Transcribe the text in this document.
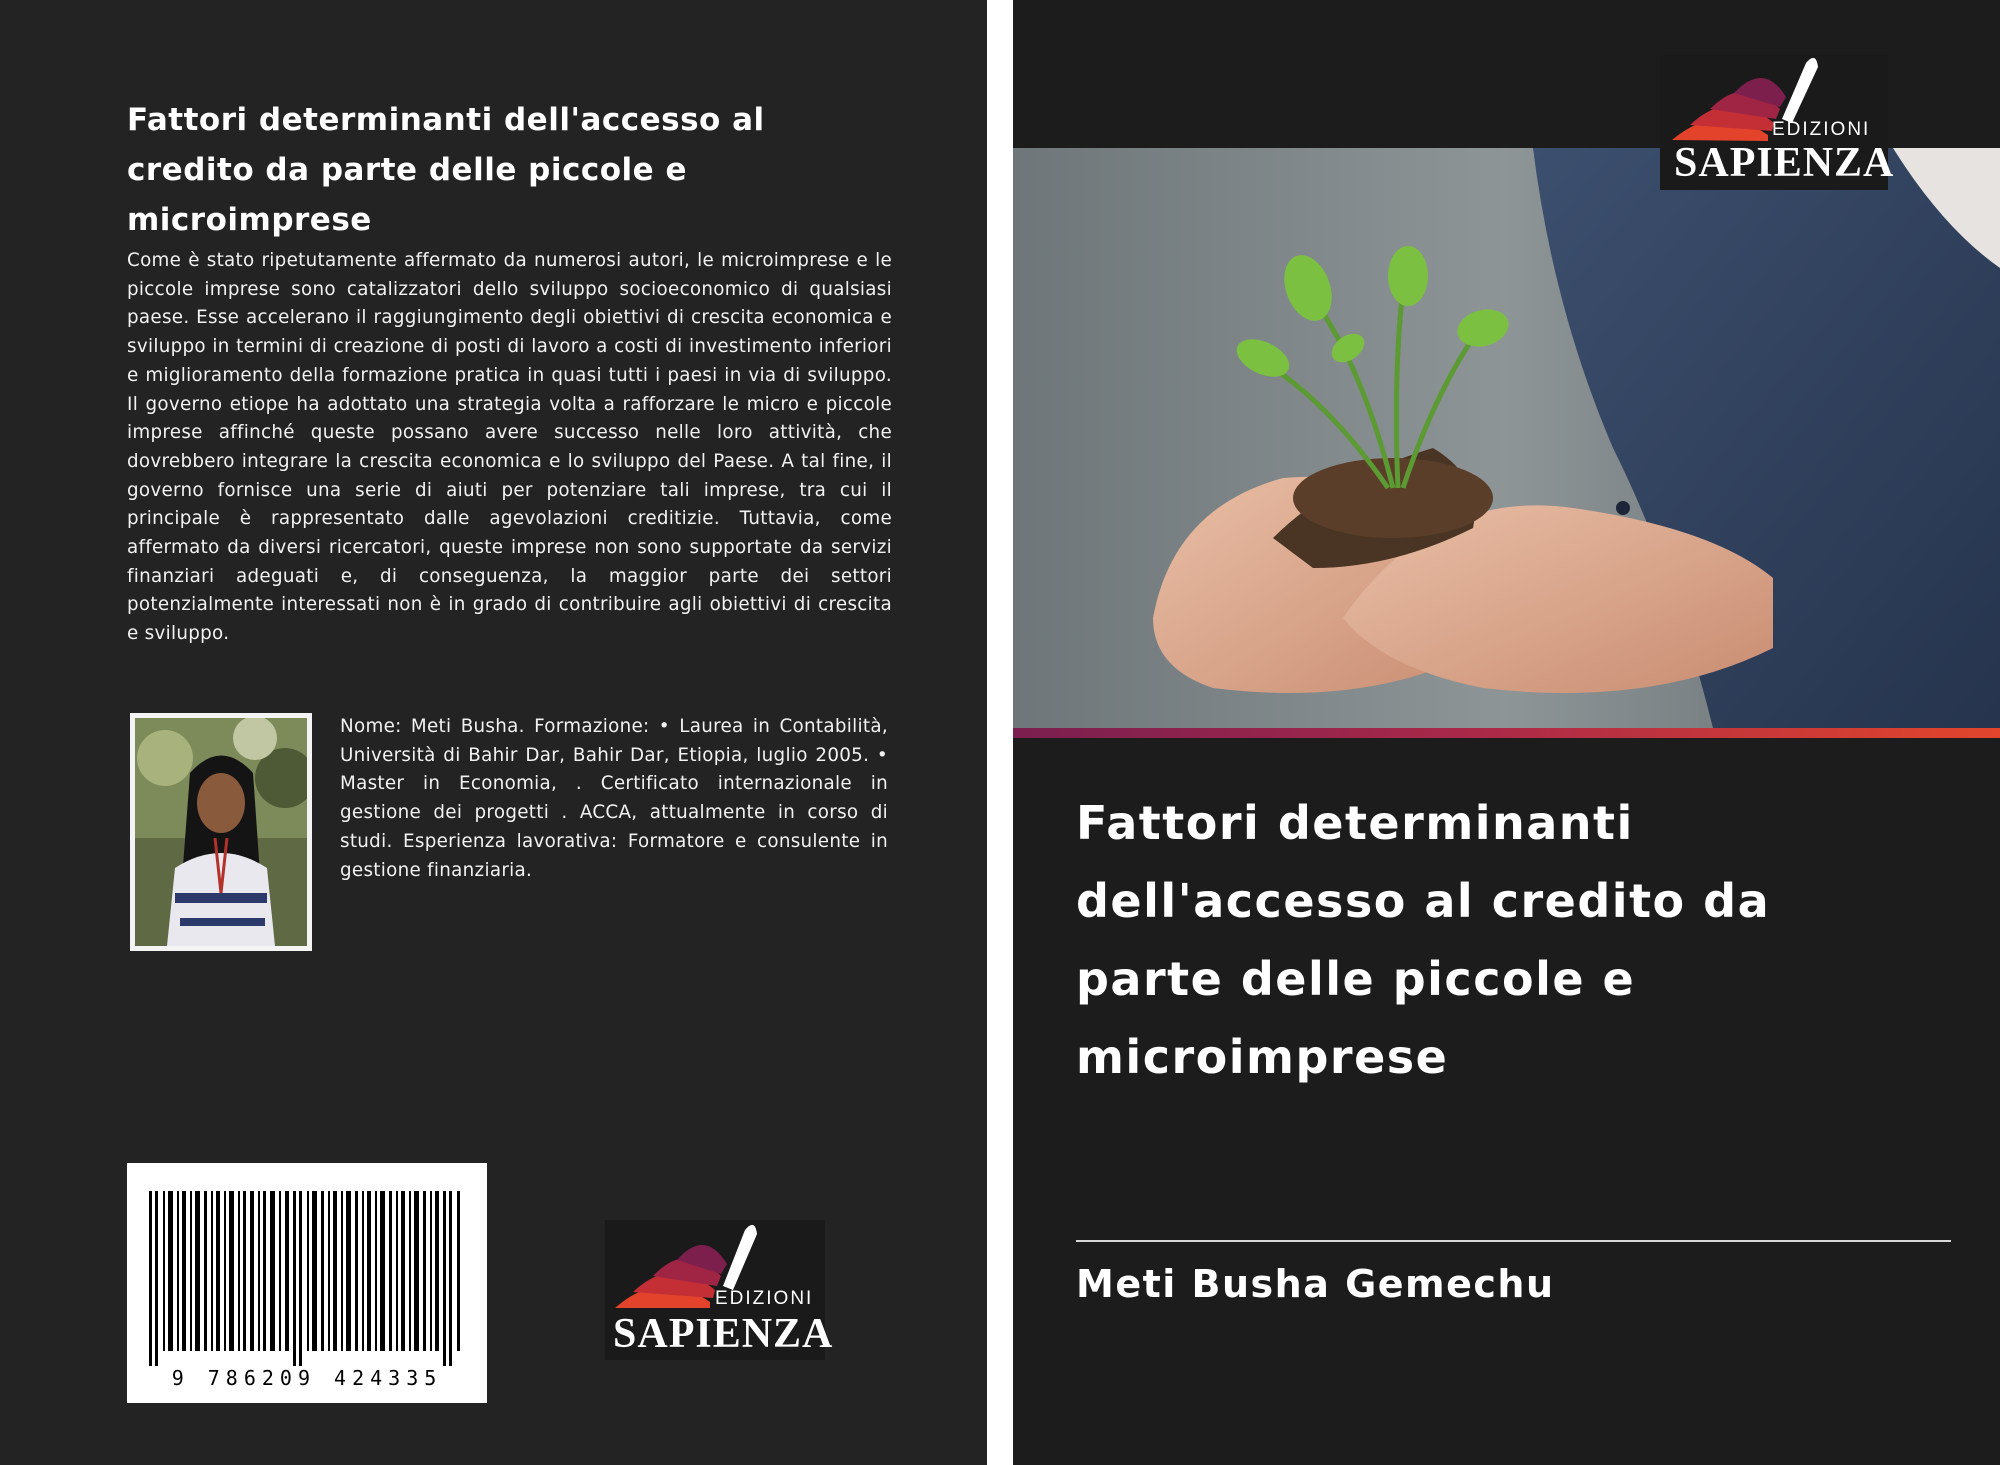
Fattori determinanti dell'accesso al
credito da parte delle piccole e
microimprese
Come è stato ripetutamente affermato da numerosi autori, le microimprese e le piccole imprese sono catalizzatori dello sviluppo socioeconomico di qualsiasi paese. Esse accelerano il raggiungimento degli obiettivi di crescita economica e sviluppo in termini di creazione di posti di lavoro a costi di investimento inferiori e miglioramento della formazione pratica in quasi tutti i paesi in via di sviluppo. Il governo etiope ha adottato una strategia volta a rafforzare le micro e piccole imprese affinché queste possano avere successo nelle loro attività, che dovrebbero integrare la crescita economica e lo sviluppo del Paese. A tal fine, il governo fornisce una serie di aiuti per potenziare tali imprese, tra cui il principale è rappresentato dalle agevolazioni creditizie. Tuttavia, come affermato da diversi ricercatori, queste imprese non sono supportate da servizi finanziari adeguati e, di conseguenza, la maggior parte dei settori potenzialmente interessati non è in grado di contribuire agli obiettivi di crescita e sviluppo.
Nome: Meti Busha. Formazione: • Laurea in Contabilità, Università di Bahir Dar, Bahir Dar, Etiopia, luglio 2005. • Master in Economia, . Certificato internazionale in gestione dei progetti . ACCA, attualmente in corso di studi. Esperienza lavorativa: Formatore e consulente in gestione finanziaria.
9 786209 424335
EDIZIONI
SAPIENZA
Fattori determinanti
dell'accesso al credito da
parte delle piccole e
microimprese
Meti Busha Gemechu
EDIZIONI
SAPIENZA
